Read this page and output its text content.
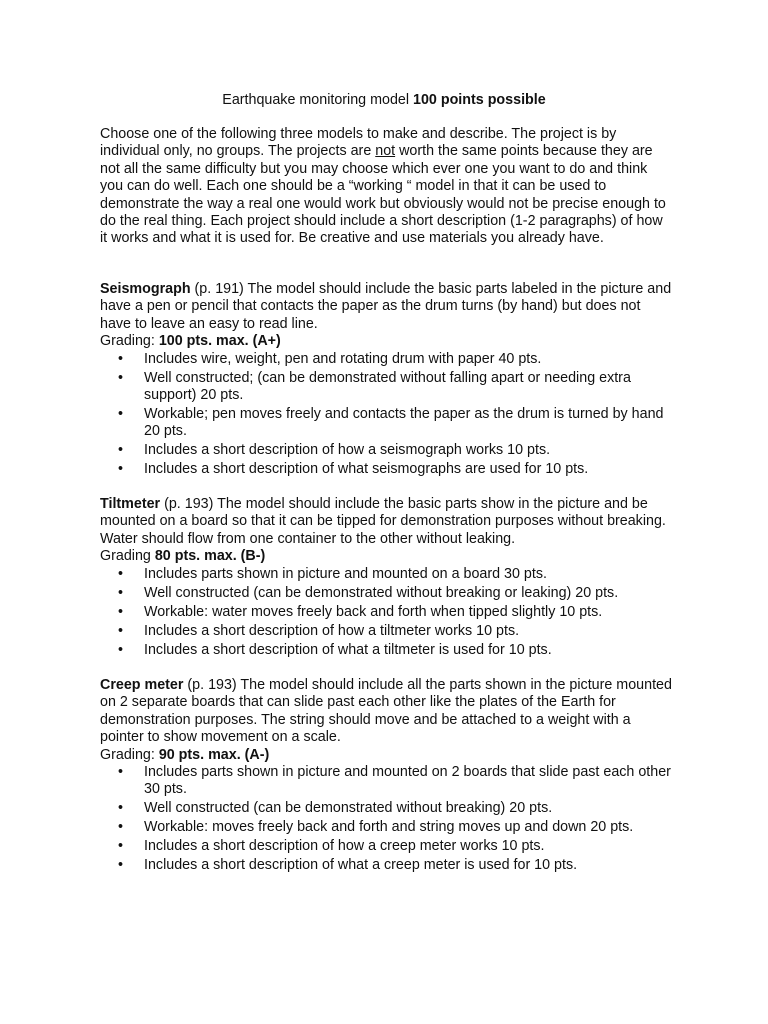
Earthquake monitoring model 100 points possible

Choose one of the following three models to make and describe. The project is by individual only, no groups. The projects are not worth the same points because they are not all the same difficulty but you may choose which ever one you want to do and think you can do well. Each one should be a “working “ model in that it can be used to demonstrate the way a real one would work but obviously would not be precise enough to do the real thing. Each project should include a short description (1-2 paragraphs) of how it works and what it is used for. Be creative and use materials you already have.

Seismograph (p. 191) The model should include the basic parts labeled in the picture and have a pen or pencil that contacts the paper as the drum turns (by hand) but does not have to leave an easy to read line.

Grading: 100 pts. max. (A+)

• Includes wire, weight, pen and rotating drum with paper 40 pts.
• Well constructed; (can be demonstrated without falling apart or needing extra support) 20 pts.
• Workable; pen moves freely and contacts the paper as the drum is turned by hand 20 pts.
• Includes a short description of how a seismograph works 10 pts.
• Includes a short description of what seismographs are used for 10 pts.

Tiltmeter (p. 193) The model should include the basic parts show in the picture and be mounted on a board so that it can be tipped for demonstration purposes without breaking. Water should flow from one container to the other without leaking.

Grading 80 pts. max. (B-)

• Includes parts shown in picture and mounted on a board 30 pts.
• Well constructed (can be demonstrated without breaking or leaking) 20 pts.
• Workable: water moves freely back and forth when tipped slightly 10 pts.
• Includes a short description of how a tiltmeter works 10 pts.
• Includes a short description of what a tiltmeter is used for 10 pts.

Creep meter (p. 193) The model should include all the parts shown in the picture mounted on 2 separate boards that can slide past each other like the plates of the Earth for demonstration purposes. The string should move and be attached to a weight with a pointer to show movement on a scale.

Grading: 90 pts. max. (A-)

• Includes parts shown in picture and mounted on 2 boards that slide past each other 30 pts.
• Well constructed (can be demonstrated without breaking) 20 pts.
• Workable: moves freely back and forth and string moves up and down 20 pts.
• Includes a short description of how a creep meter works 10 pts.
• Includes a short description of what a creep meter is used for 10 pts.
